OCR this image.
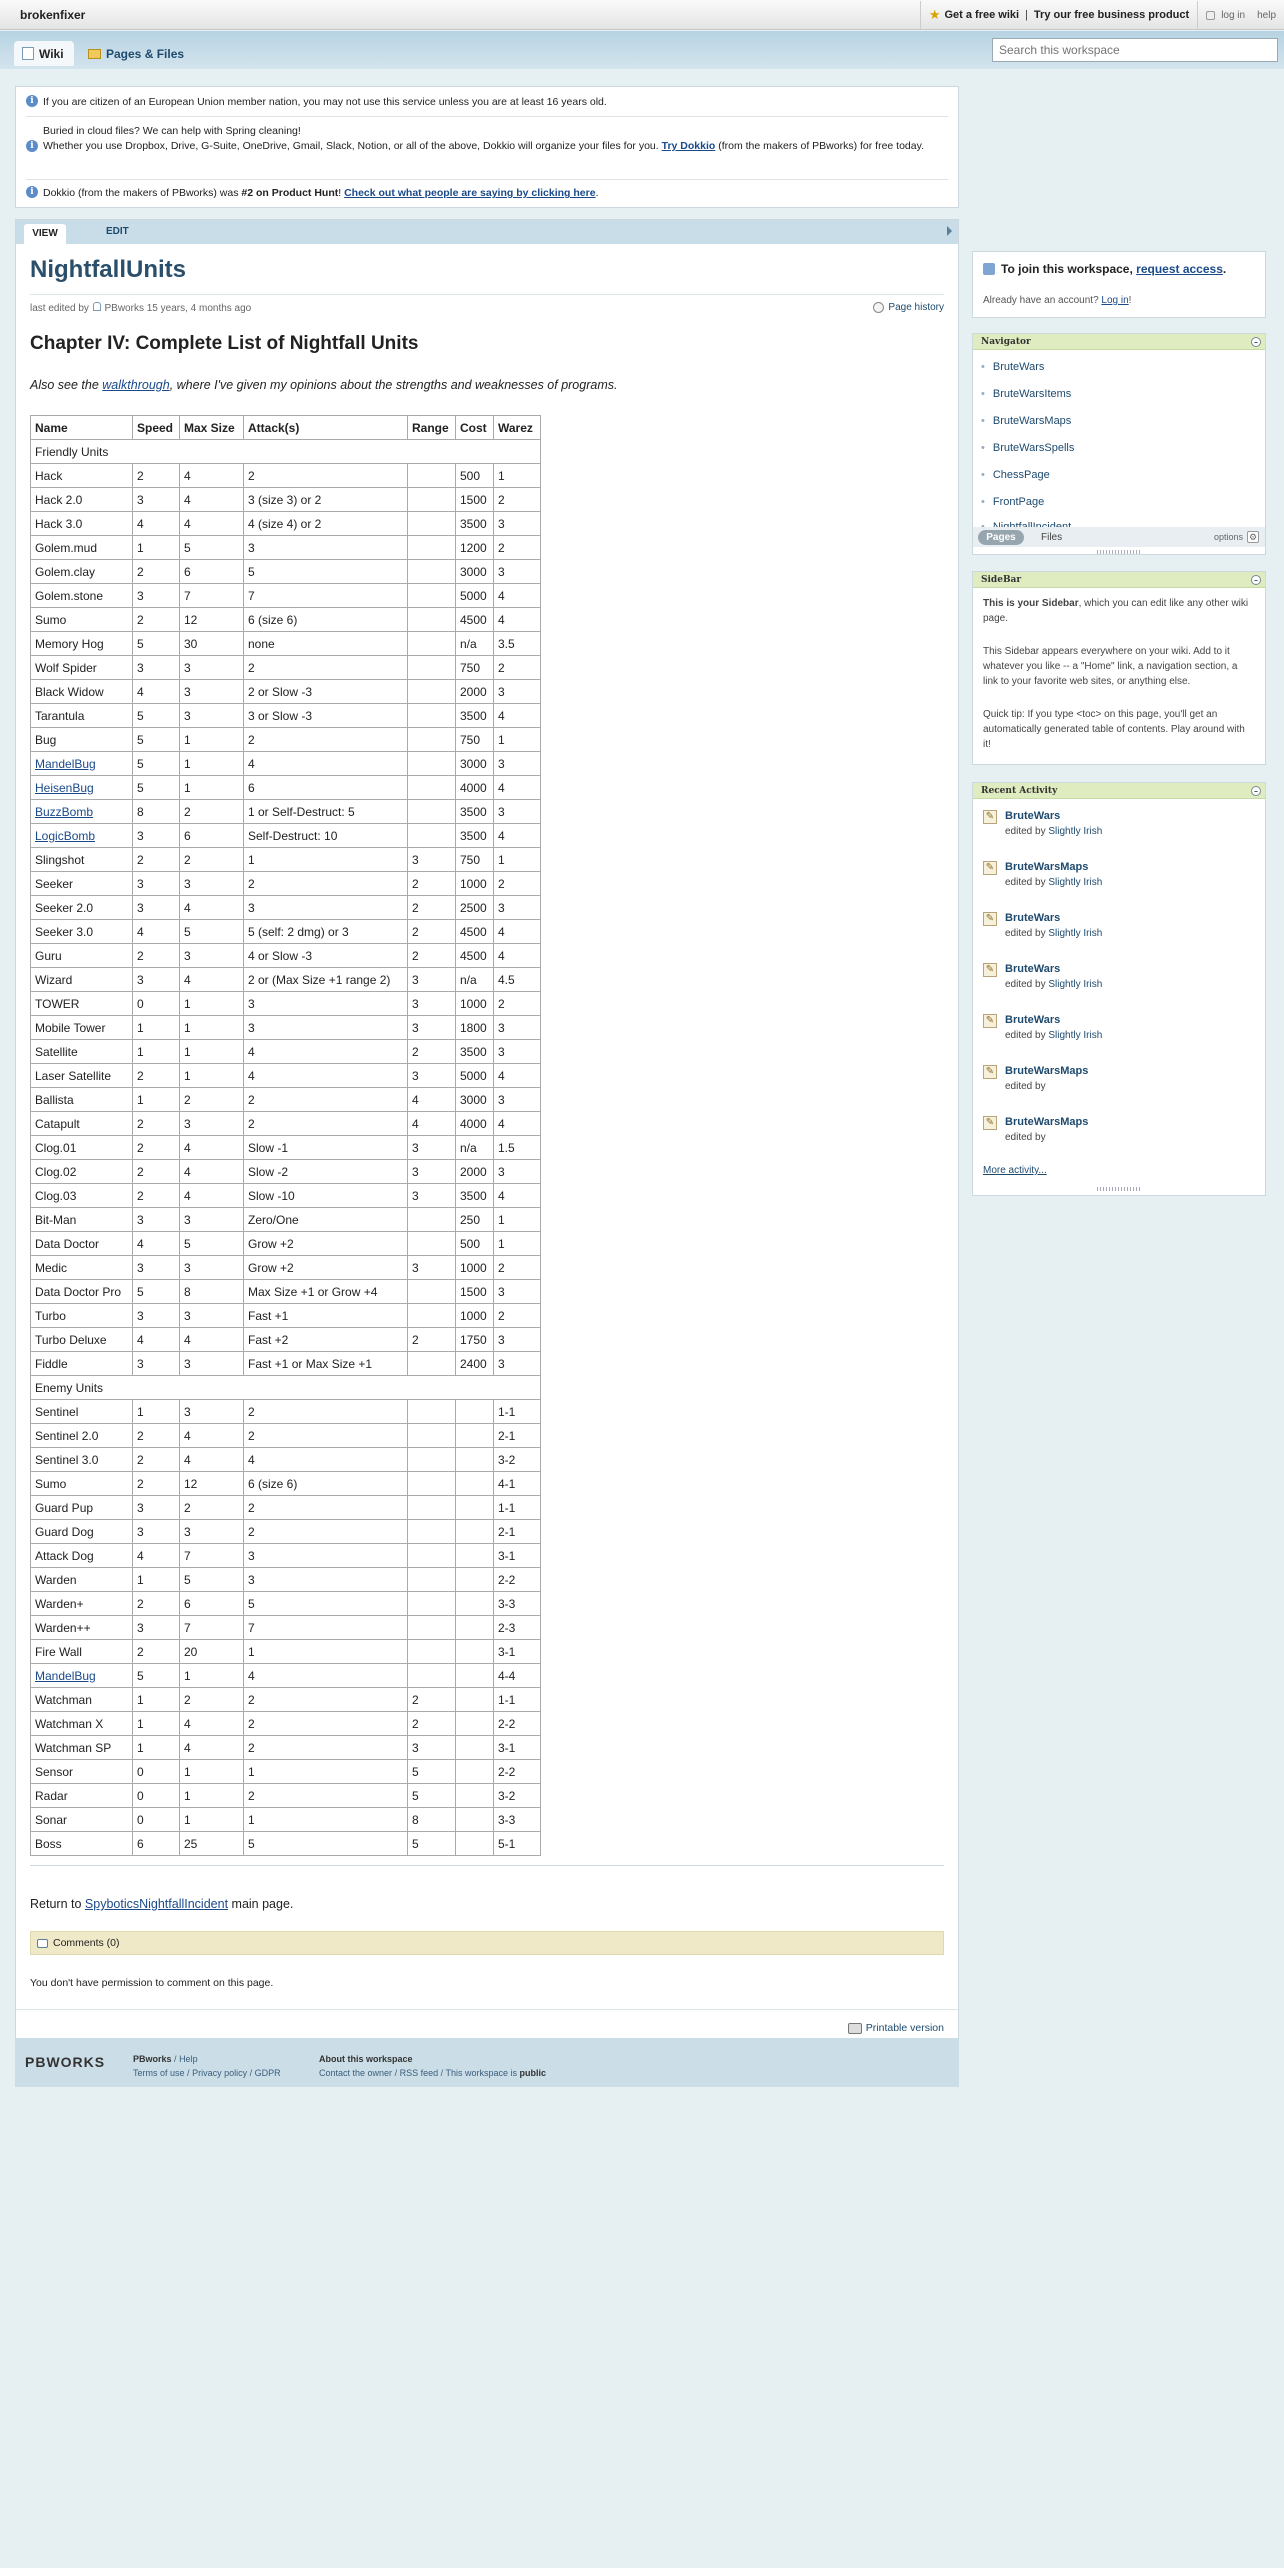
brokenfixer	★ Get a free wiki | Try our free business product	log in help
Wiki	Pages & Files
Search this workspace
i If you are citizen of an European Union member nation, you may not use this service unless you are at least 16 years old.
i
Buried in cloud files? We can help with Spring cleaning!
Whether you use Dropbox, Drive, G-Suite, OneDrive, Gmail, Slack, Notion, or all of the above, Dokkio will organize your files for you. Try Dokkio (from the makers of PBworks) for free today.
i Dokkio (from the makers of PBworks) was #2 on Product Hunt! Check out what people are saying by clicking here.
VIEW	EDIT
NightfallUnits
last edited by PBworks 15 years, 4 months ago	Page history
Chapter IV: Complete List of Nightfall Units
Also see the walkthrough, where I've given my opinions about the strengths and weaknesses of programs.
Name	Speed	Max Size	Attack(s)	Range	Cost	Warez
Friendly Units						
Hack	2	4	2		500	1
Hack 2.0	3	4	3 (size 3) or 2		1500	2
Hack 3.0	4	4	4 (size 4) or 2		3500	3
Golem.mud	1	5	3		1200	2
Golem.clay	2	6	5		3000	3
Golem.stone	3	7	7		5000	4
Sumo	2	12	6 (size 6)		4500	4
Memory Hog	5	30	none		n/a	3.5
Wolf Spider	3	3	2		750	2
Black Widow	4	3	2 or Slow -3		2000	3
Tarantula	5	3	3 or Slow -3		3500	4
Bug	5	1	2		750	1
MandelBug	5	1	4		3000	3
HeisenBug	5	1	6		4000	4
BuzzBomb	8	2	1 or Self-Destruct: 5		3500	3
LogicBomb	3	6	Self-Destruct: 10		3500	4
Slingshot	2	2	1	3	750	1
Seeker	3	3	2	2	1000	2
Seeker 2.0	3	4	3	2	2500	3
Seeker 3.0	4	5	5 (self: 2 dmg) or 3	2	4500	4
Guru	2	3	4 or Slow -3	2	4500	4
Wizard	3	4	2 or (Max Size +1 range 2)	3	n/a	4.5
TOWER	0	1	3	3	1000	2
Mobile Tower	1	1	3	3	1800	3
Satellite	1	1	4	2	3500	3
Laser Satellite	2	1	4	3	5000	4
Ballista	1	2	2	4	3000	3
Catapult	2	3	2	4	4000	4
Clog.01	2	4	Slow -1	3	n/a	1.5
Clog.02	2	4	Slow -2	3	2000	3
Clog.03	2	4	Slow -10	3	3500	4
Bit-Man	3	3	Zero/One		250	1
Data Doctor	4	5	Grow +2		500	1
Medic	3	3	Grow +2	3	1000	2
Data Doctor Pro	5	8	Max Size +1 or Grow +4		1500	3
Turbo	3	3	Fast +1		1000	2
Turbo Deluxe	4	4	Fast +2	2	1750	3
Fiddle	3	3	Fast +1 or Max Size +1		2400	3
Enemy Units						
Sentinel	1	3	2			1-1
Sentinel 2.0	2	4	2			2-1
Sentinel 3.0	2	4	4			3-2
Sumo	2	12	6 (size 6)			4-1
Guard Pup	3	2	2			1-1
Guard Dog	3	3	2			2-1
Attack Dog	4	7	3			3-1
Warden	1	5	3			2-2
Warden+	2	6	5			3-3
Warden++	3	7	7			2-3
Fire Wall	2	20	1			3-1
MandelBug	5	1	4			4-4
Watchman	1	2	2	2		1-1
Watchman X	1	4	2	2		2-2
Watchman SP	1	4	2	3		3-1
Sensor	0	1	1	5		2-2
Radar	0	1	2	5		3-2
Sonar	0	1	1	8		3-3
Boss	6	25	5	5		5-1
Return to SpyboticsNightfallIncident main page.
Comments (0)
You don't have permission to comment on this page.
Printable version
PBWORKS	PBworks / Help
Terms of use / Privacy policy / GDPR
About this workspace
Contact the owner / RSS feed / This workspace is public
To join this workspace, request access.
Already have an account? Log in!
Navigator	–
• BruteWars
• BruteWarsItems
• BruteWarsMaps
• BruteWarsSpells
• ChessPage
• FrontPage
Pages	Files	options ⚙
SideBar	–
This is your Sidebar, which you can edit like any other wiki page.
This Sidebar appears everywhere on your wiki. Add to it whatever you like -- a "Home" link, a navigation section, a link to your favorite web sites, or anything else.
Quick tip: If you type <toc> on this page, you'll get an automatically generated table of contents. Play around with it!
Recent Activity	–
✎ BruteWars
edited by Slightly Irish
✎ BruteWarsMaps
edited by Slightly Irish
✎ BruteWars
edited by Slightly Irish
✎ BruteWars
edited by Slightly Irish
✎ BruteWars
edited by Slightly Irish
✎ BruteWarsMaps
edited by
✎ BruteWarsMaps
edited by
More activity...
